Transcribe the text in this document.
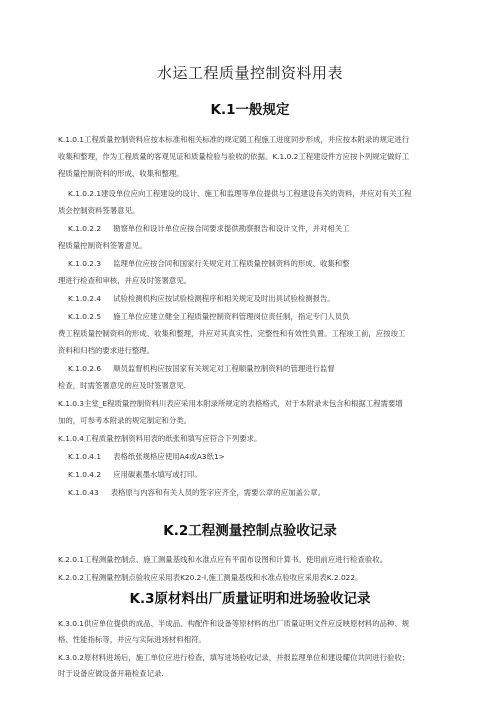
水运工程质量控制资料用表
K.1一般规定
K.1.0.1工程质量控制资料应按本标准和相关标准的规定随工程施工进度同步形成，并应按本附录的规定进行
收集和整理，作为工程质量的客观见证和质量检验与验收的依据。K.1.0.2工程建设件方应按卜列规定做好工
程质量控制资料的形成、收集和整理。
K.1.0.2.1建设单位应向工程建设的设计、施工和监理等单位提供与工程建设有关的资料，并应对有关工程
质会控制资料签署意见。
K.1.0.2.2 勘察单位和设计单位应按合同要求提供勘察报告和设计文件，并对相关工
程质量控制资料签署意见。
K.1.0.2.3 监理单位应按合同和国家行关规定对工程质量控制资料的形成、收集和整
理进行检查和审核，并应及时签署意见。
K.1.0.2.4 试验检测机构应按试验检测程序和相关规定及时出具试验检测报告。
K.1.0.2.5 施工单位应建立健全工程质量控制资料管理岗位责任制，指定专门人员负
费工程质量控制资料的形成、收集和整理，并应对其真实性、完整性和有效性负置。工程竣工前，应按竣工
资料和归档的要求进行整理。
K.1.0.2.6 顺员监督机构应按国家有关规定对工程顺量控制资料的管理进行监督
检查，时需签署意见的应及时签署意见.
K.1.0.3主堂_E程质量控制资料川表应采用本附录所规定的表格格式，对于本附录未包含和根据工程需要增
加的，可参考本附录的规定制定和分类。
K.1.0.4工程质量控制资料用表的纸张和填写应符合下列要求。
K.1.0.4.1 表格纸张规格应使用A4或A3纸1>
K.1.0.4.2 应用碳素墨水填写或打印。
K.1.0.43 表格原与内容和有关人员的签字应齐全，需要公章的应加盖公章。
K.2工程测量控制点验收记录
K.2.0.1工程测量控制点、施工测量基线和水准点应有平面布设图和计算书。使用前应进行检查验收。
K.2.0.2工程测量控制点验收应采用表K20.2-l,施工测量基线和水准点验收应采用表K.2.022。
K.3原材料出厂质量证明和进场验收记录
K.3.0.1供应单位提供的成品、半成品、构配件和设备等原材料的出厂质量证明文件应反映原材料的品种、规
格、性能指标等，并应与实际进场材料相符。
K.3.0.2原材料进场后，施工单位应进行检查，填写进场验收记录，并报监理单位和建设耀位共同进行验收；
时于设备应做设备开箱检查记录.
